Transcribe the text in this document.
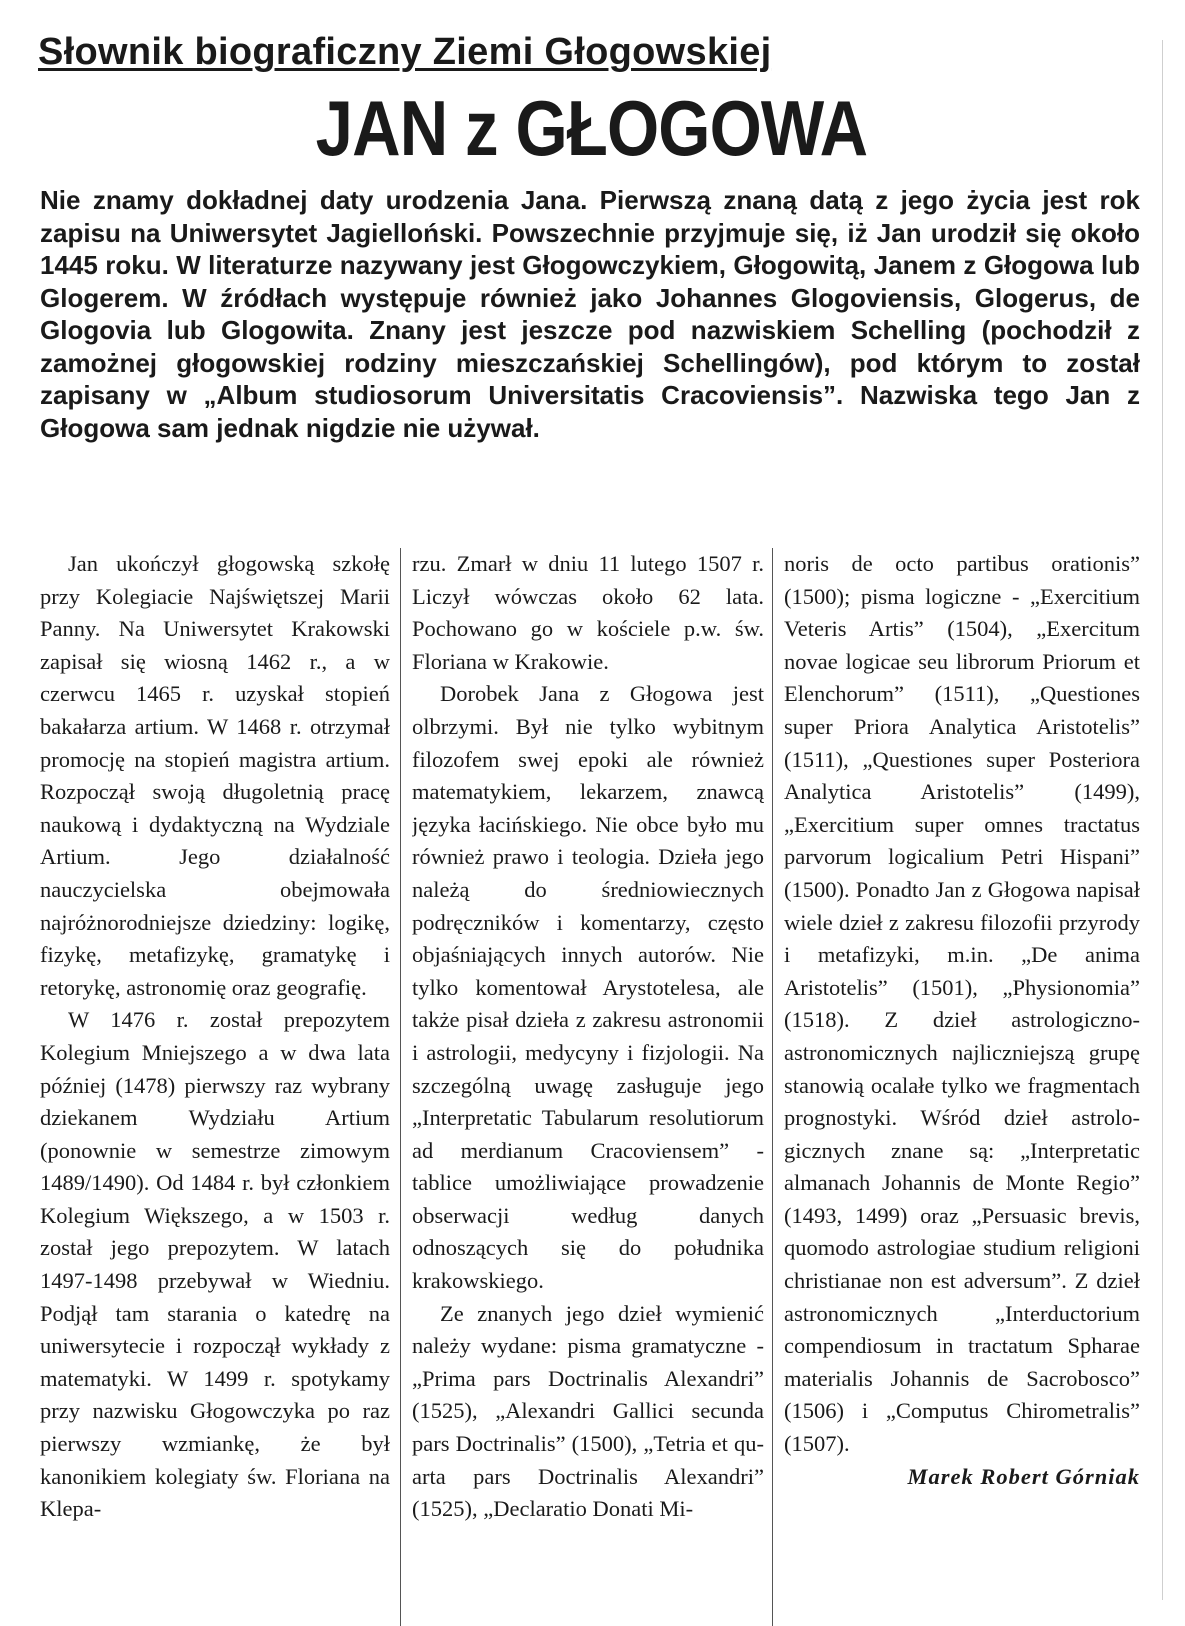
Słownik biograficzny Ziemi Głogowskiej
JAN z GŁOGOWA

Nie znamy dokładnej daty urodzenia Jana. Pierwszą znaną datą z jego życia jest rok zapisu na Uniwersytet Jagielloński. Powszechnie przyjmuje się, iż Jan urodził się około 1445 roku. W literaturze nazywany jest Głogowczykiem, Głogowitą, Janem z Głogowa lub Glogerem. W źródłach występuje również jako Johannes Glogoviensis, Glogerus, de Glogovia lub Glogowita. Znany jest jeszcze pod nazwiskiem Schelling (pochodził z zamożnej głogowskiej rodziny mieszczańskiej Schellingów), pod którym to został zapisany w „Album studiosorum Universitatis Cracoviensis”. Nazwiska tego Jan z Głogowa sam jednak nigdzie nie używał.

Jan ukończył głogowską szkołę przy Kolegiacie Najświętszej Marii Panny. Na Uniwersytet Krakowski zapisał się wiosną 1462 r., a w czerwcu 1465 r. uzyskał stopień bakałarza artium. W 1468 r. otrzymał promocję na stopień magistra artium. Rozpoczął swoją długoletnią pracę naukową i dydaktyczną na Wydziale Artium. Jego działalność nauczycielska obejmowała najróżnorodniejsze dziedziny: logikę, fizykę, metafizykę, gramatykę i retorykę, astronomię oraz geografię.

W 1476 r. został prepozytem Kolegium Mniejszego a w dwa lata później (1478) pierwszy raz wybrany dziekanem Wydziału Artium (ponownie w semestrze zimowym 1489/1490). Od 1484 r. był członkiem Kolegium Większego, a w 1503 r. został jego prepozytem. W latach 1497-1498 przebywał w Wiedniu. Podjął tam starania o katedrę na uniwersytecie i rozpoczął wykłady z matematyki. W 1499 r. spotykamy przy nazwisku Głogowczyka po raz pierwszy wzmiankę, że był kanonikiem kolegiaty św. Floriana na Klepa-

rzu. Zmarł w dniu 11 lutego 1507 r. Liczył wówczas około 62 lata. Pochowano go w kościele p.w. św. Floriana w Krakowie.

Dorobek Jana z Głogowa jest olbrzymi. Był nie tylko wybitnym filozofem swej epoki ale również matematykiem, lekarzem, znawcą języka łacińskiego. Nie obce było mu również prawo i teologia. Dzieła jego należą do średniowiecznych podręczników i komentarzy, często objaśniających innych autorów. Nie tylko komentował Arystotelesa, ale także pisał dzieła z zakresu astronomii i astrologii, medycyny i fizjologii. Na szczególną uwagę zasługuje jego „Interpretatic Tabularum resolutiorum ad merdianum Cracoviensem” - tablice umożliwiające prowadzenie obserwacji według danych odnoszących się do południka krakowskiego.

Ze znanych jego dzieł wymienić należy wydane: pisma gramatyczne - „Prima pars Doctrinalis Alexandri” (1525), „Alexandri Gallici secunda pars Doctrinalis” (1500), „Tetria et quarta pars Doctrinalis Alexandri” (1525), „Declaratio Donati Mi-

noris de octo partibus orationis” (1500); pisma logiczne - „Exercitium Veteris Artis” (1504), „Exercitum novae logicae seu librorum Priorum et Elenchorum” (1511), „Questiones super Priora Analytica Aristotelis” (1511), „Questiones super Posteriora Analytica Aristotelis” (1499), „Exercitium super omnes tractatus parvorum logicalium Petri Hispani” (1500). Ponadto Jan z Głogowa napisał wiele dzieł z zakresu filozofii przyrody i metafizyki, m.in. „De anima Aristotelis” (1501), „Physionomia” (1518). Z dzieł astrologiczno-astronomicznych najliczniejszą grupę stanowią ocalałe tylko we fragmentach prognostyki. Wśród dzieł astrologicznych znane są: „Interpretatic almanach Johannis de Monte Regio” (1493, 1499) oraz „Persuasic brevis, quomodo astrologiae studium religioni christianae non est adversum”. Z dzieł astronomicznych „Interductorium compendiosum in tractatum Spharae materialis Johannis de Sacrobosco” (1506) i „Computus Chirometralis” (1507).

Marek Robert Górniak
